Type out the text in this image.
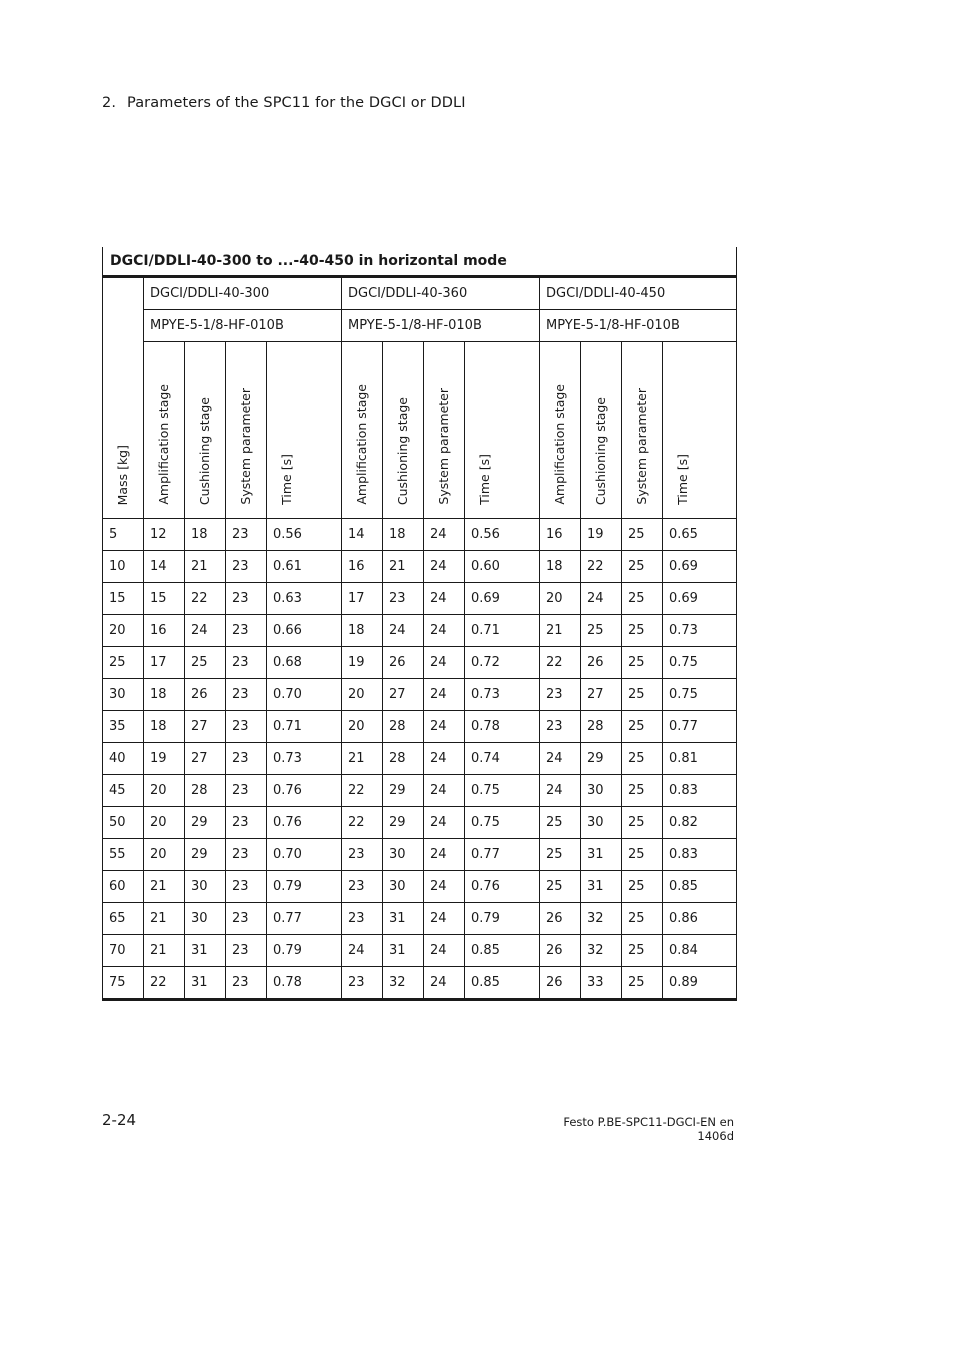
2. Parameters of the SPC11 for the DGCI or DDLI
DGCI/DDLI-40-300 to ...-40-450 in horizontal mode												
Mass [kg]	DGCI/DDLI-40-300				DGCI/DDLI-40-360				DGCI/DDLI-40-450			
	MPYE-5-1/8-HF-010B				MPYE-5-1/8-HF-010B				MPYE-5-1/8-HF-010B			
	Amplification stage	Cushioning stage	System parameter	Time [s]	Amplification stage	Cushioning stage	System parameter	Time [s]	Amplification stage	Cushioning stage	System parameter	Time [s]
5	12	18	23	0.56	14	18	24	0.56	16	19	25	0.65
10	14	21	23	0.61	16	21	24	0.60	18	22	25	0.69
15	15	22	23	0.63	17	23	24	0.69	20	24	25	0.69
20	16	24	23	0.66	18	24	24	0.71	21	25	25	0.73
25	17	25	23	0.68	19	26	24	0.72	22	26	25	0.75
30	18	26	23	0.70	20	27	24	0.73	23	27	25	0.75
35	18	27	23	0.71	20	28	24	0.78	23	28	25	0.77
40	19	27	23	0.73	21	28	24	0.74	24	29	25	0.81
45	20	28	23	0.76	22	29	24	0.75	24	30	25	0.83
50	20	29	23	0.76	22	29	24	0.75	25	30	25	0.82
55	20	29	23	0.70	23	30	24	0.77	25	31	25	0.83
60	21	30	23	0.79	23	30	24	0.76	25	31	25	0.85
65	21	30	23	0.77	23	31	24	0.79	26	32	25	0.86
70	21	31	23	0.79	24	31	24	0.85	26	32	25	0.84
75	22	31	23	0.78	23	32	24	0.85	26	33	25	0.89
2-24	Festo P.BE-SPC11-DGCI-EN en 1406d
